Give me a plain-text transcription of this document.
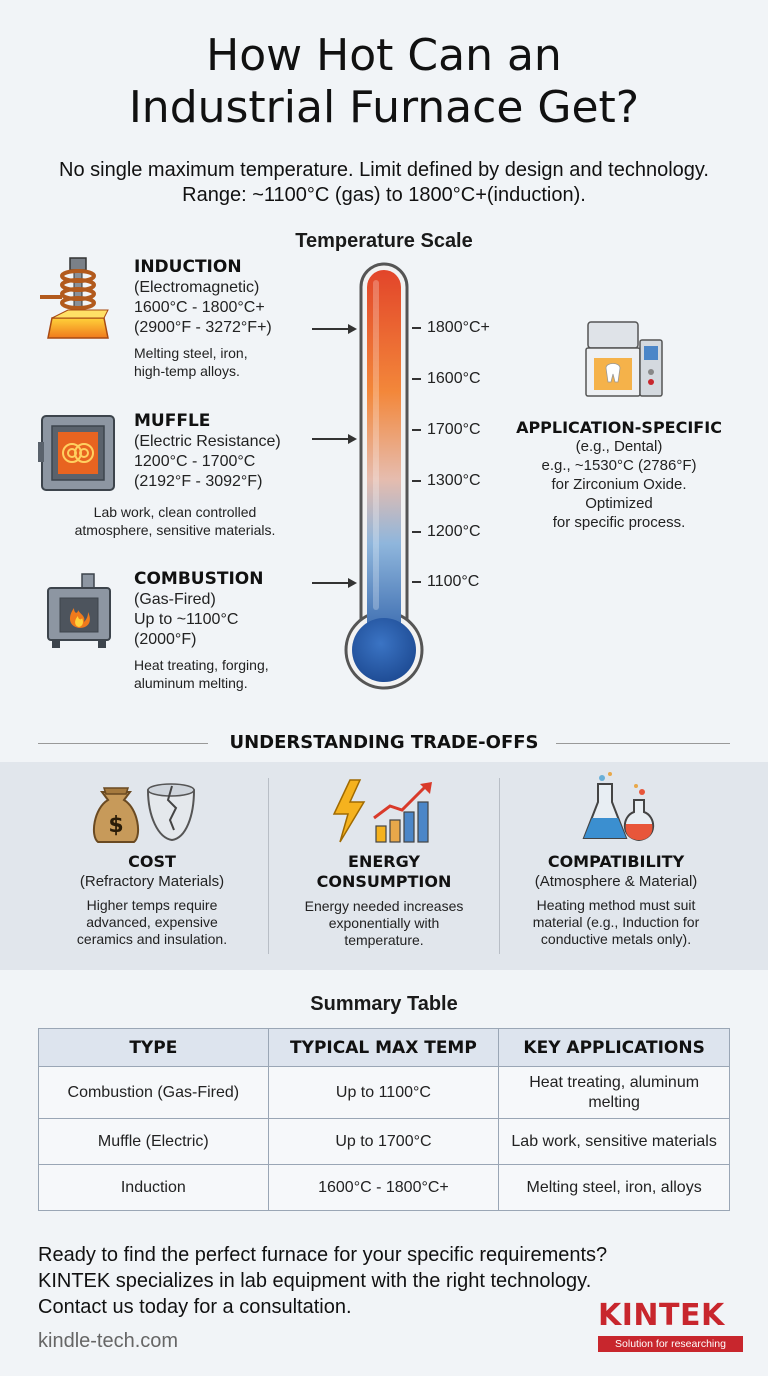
How Hot Can an
Industrial Furnace Get?
No single maximum temperature. Limit defined by design and technology.
Range: ~1100°C (gas) to 1800°C+(induction).
Temperature Scale
INDUCTION
(Electromagnetic)
1600°C - 1800°C+
(2900°F - 3272°F+)
Melting steel, iron,
high-temp alloys.
MUFFLE
(Electric Resistance)
1200°C - 1700°C
(2192°F - 3092°F)
Lab work, clean controlled
atmosphere, sensitive materials.
COMBUSTION
(Gas-Fired)
Up to ~1100°C
(2000°F)
Heat treating, forging,
aluminum melting.
1800°C+
1600°C
1700°C
1300°C
1200°C
1100°C
APPLICATION-SPECIFIC

(e.g., Dental)

e.g., ~1530°C (2786°F)

for Zirconium Oxide.

Optimized

for specific process.

UNDERSTANDING TRADE-OFFS
$
COST
(Refractory Materials)
Higher temps require
advanced, expensive
ceramics and insulation.
ENERGY
CONSUMPTION
Energy needed increases
exponentially with
temperature.
COMPATIBILITY
(Atmosphere & Material)
Heating method must suit
material (e.g., Induction for
conductive metals only).
Summary Table
TYPE	TYPICAL MAX TEMP	KEY APPLICATIONS
Combustion (Gas-Fired)	Up to 1100°C	Heat treating, aluminum melting
Muffle (Electric)	Up to 1700°C	Lab work, sensitive materials
Induction	1600°C - 1800°C+	Melting steel, iron, alloys
Ready to find the perfect furnace for your specific requirements?
KINTEK specializes in lab equipment with the right technology.
Contact us today for a consultation.
kindle-tech.com
KINTEK
Solution for researching
